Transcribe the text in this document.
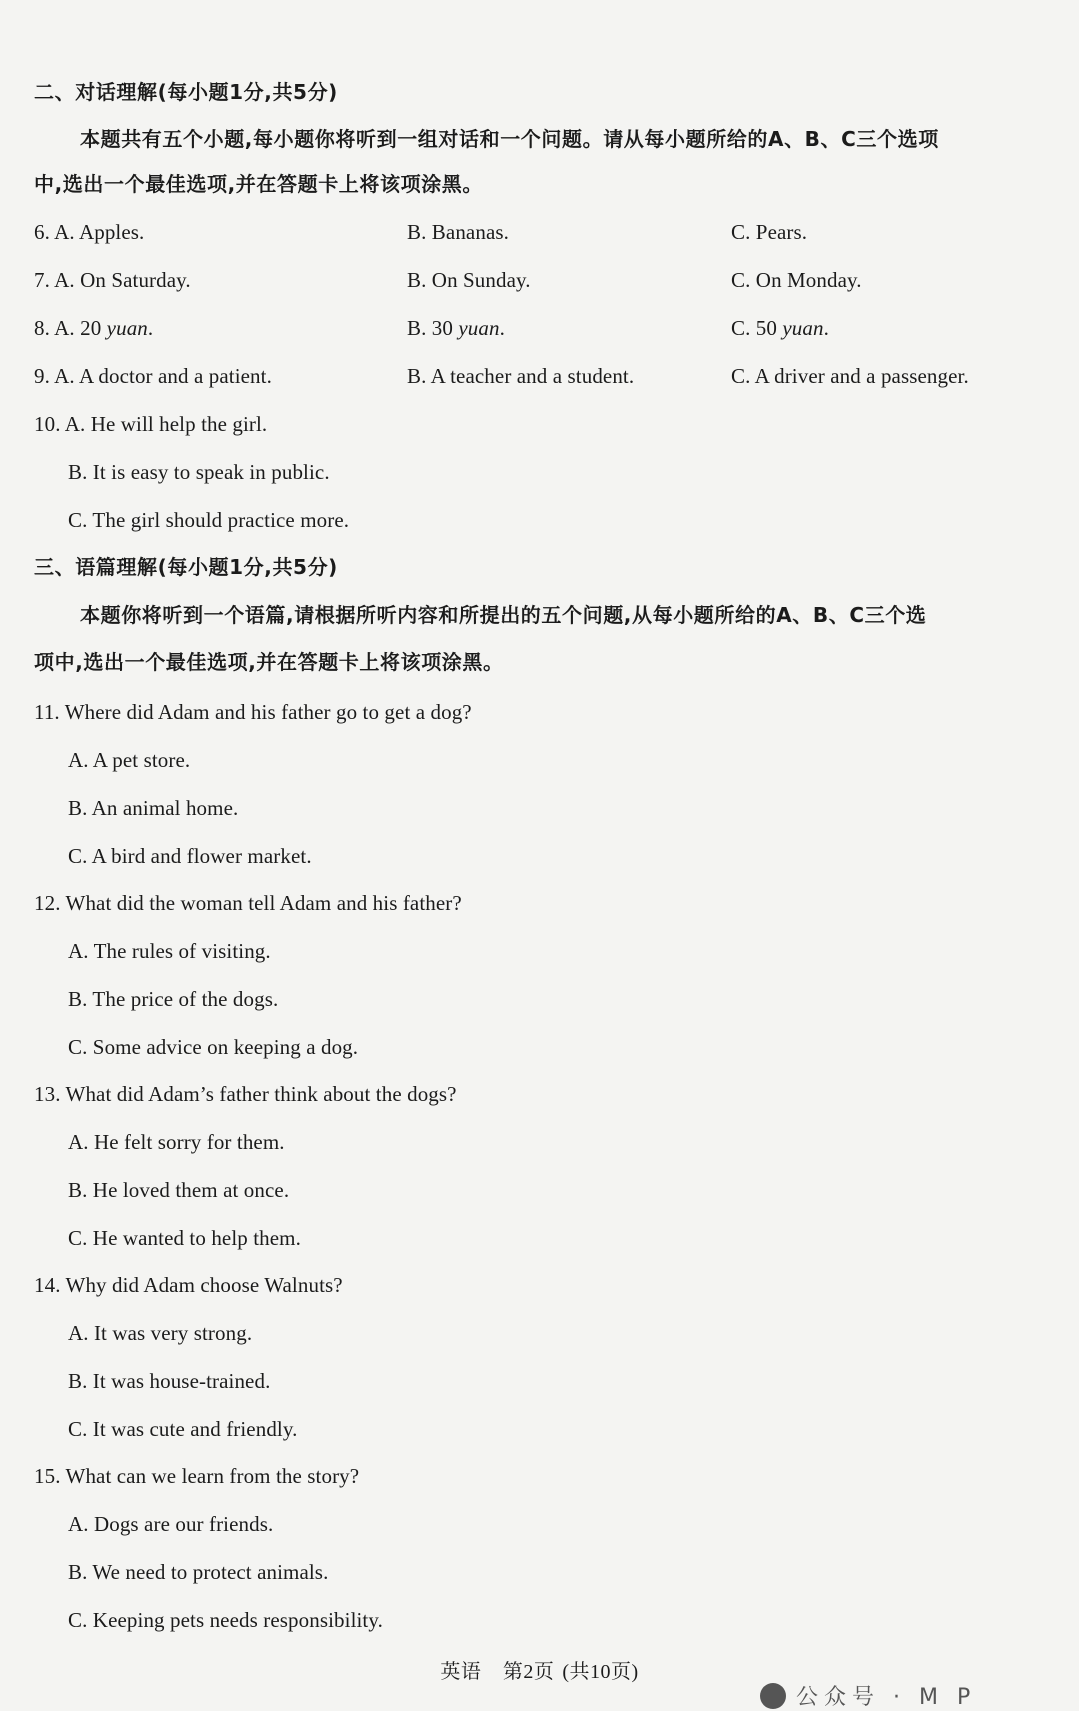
二、对话理解(每小题1分,共5分)
本题共有五个小题,每小题你将听到一组对话和一个问题。请从每小题所给的A、B、C三个选项
中,选出一个最佳选项,并在答题卡上将该项涂黑。
6. A. Apples.	B. Bananas.	C. Pears.
7. A. On Saturday.	B. On Sunday.	C. On Monday.
8. A. 20 yuan.	B. 30 yuan.	C. 50 yuan.
9. A. A doctor and a patient.	B. A teacher and a student.	C. A driver and a passenger.
10. A. He will help the girl.
B. It is easy to speak in public.
C. The girl should practice more.
三、语篇理解(每小题1分,共5分)
本题你将听到一个语篇,请根据所听内容和所提出的五个问题,从每小题所给的A、B、C三个选
项中,选出一个最佳选项,并在答题卡上将该项涂黑。
11. Where did Adam and his father go to get a dog?
A. A pet store.
B. An animal home.
C. A bird and flower market.
12. What did the woman tell Adam and his father?
A. The rules of visiting.
B. The price of the dogs.
C. Some advice on keeping a dog.
13. What did Adam’s father think about the dogs?
A. He felt sorry for them.
B. He loved them at once.
C. He wanted to help them.
14. Why did Adam choose Walnuts?
A. It was very strong.
B. It was house-trained.
C. It was cute and friendly.
15. What can we learn from the story?
A. Dogs are our friends.
B. We need to protect animals.
C. Keeping pets needs responsibility.
英语 第2页 (共10页)
公众号 · M P
